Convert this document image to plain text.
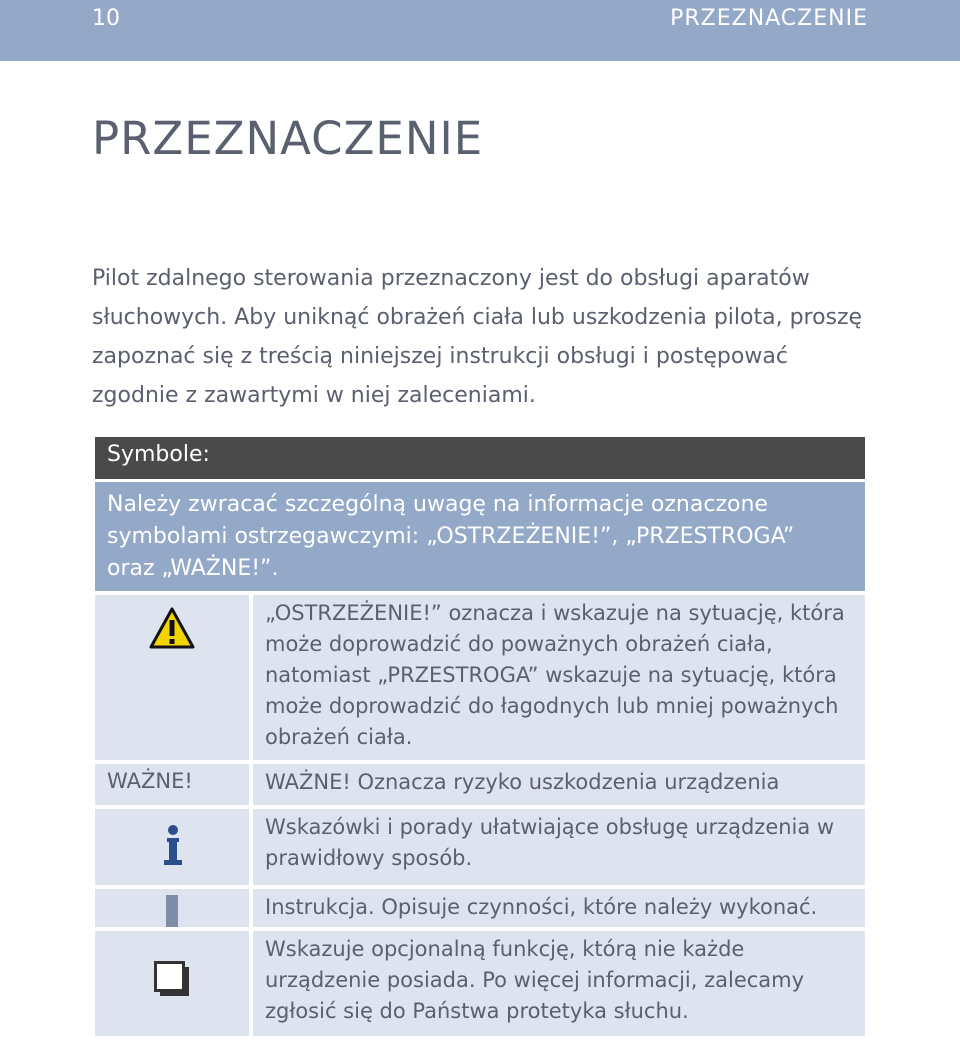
10	PRZEZNACZENIE
PRZEZNACZENIE

Pilot zdalnego sterowania przeznaczony jest do obsługi aparatów słuchowych. Aby uniknąć obrażeń ciała lub uszkodzenia pilota, proszę zapoznać się z treścią niniejszej instrukcji obsługi i postępować zgodnie z zawartymi w niej zaleceniami.

Symbole:

Należy zwracać szczególną uwagę na informacje oznaczone symbolami ostrzegawczymi: „OSTRZEŻENIE!”, „PRZESTROGA” oraz „WAŻNE!”.

„OSTRZEŻENIE!” oznacza i wskazuje na sytuację, która może doprowadzić do poważnych obrażeń ciała, natomiast „PRZESTROGA” wskazuje na sytuację, która może doprowadzić do łagodnych lub mniej poważnych obrażeń ciała.

WAŻNE!	WAŻNE! Oznacza ryzyko uszkodzenia urządzenia

Wskazówki i porady ułatwiające obsługę urządzenia w prawidłowy sposób.

Instrukcja. Opisuje czynności, które należy wykonać.

Wskazuje opcjonalną funkcję, którą nie każde urządzenie posiada. Po więcej informacji, zalecamy zgłosić się do Państwa protetyka słuchu.
